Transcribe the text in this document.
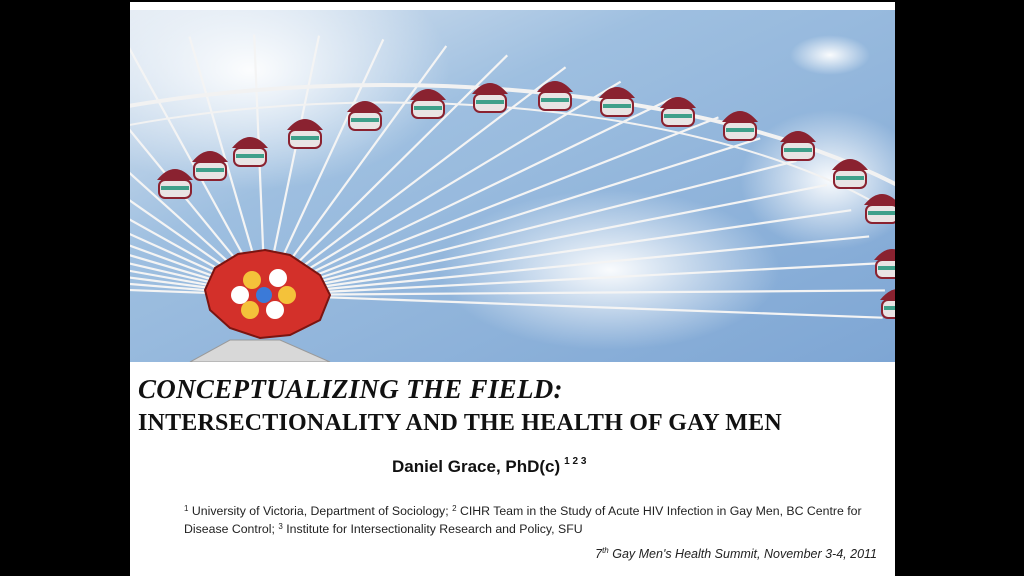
CONCEPTUALIZING THE FIELD:
INTERSECTIONALITY AND THE HEALTH OF GAY MEN
Daniel Grace, PhD(c) $^{1 2 3}$
$^1$ University of Victoria, Department of Sociology; $^2$ CIHR Team in the Study of Acute HIV Infection in Gay Men, BC Centre for Disease Control; $^3$ Institute for Intersectionality Research and Policy, SFU
7th Gay Men's Health Summit, November 3-4, 2011
